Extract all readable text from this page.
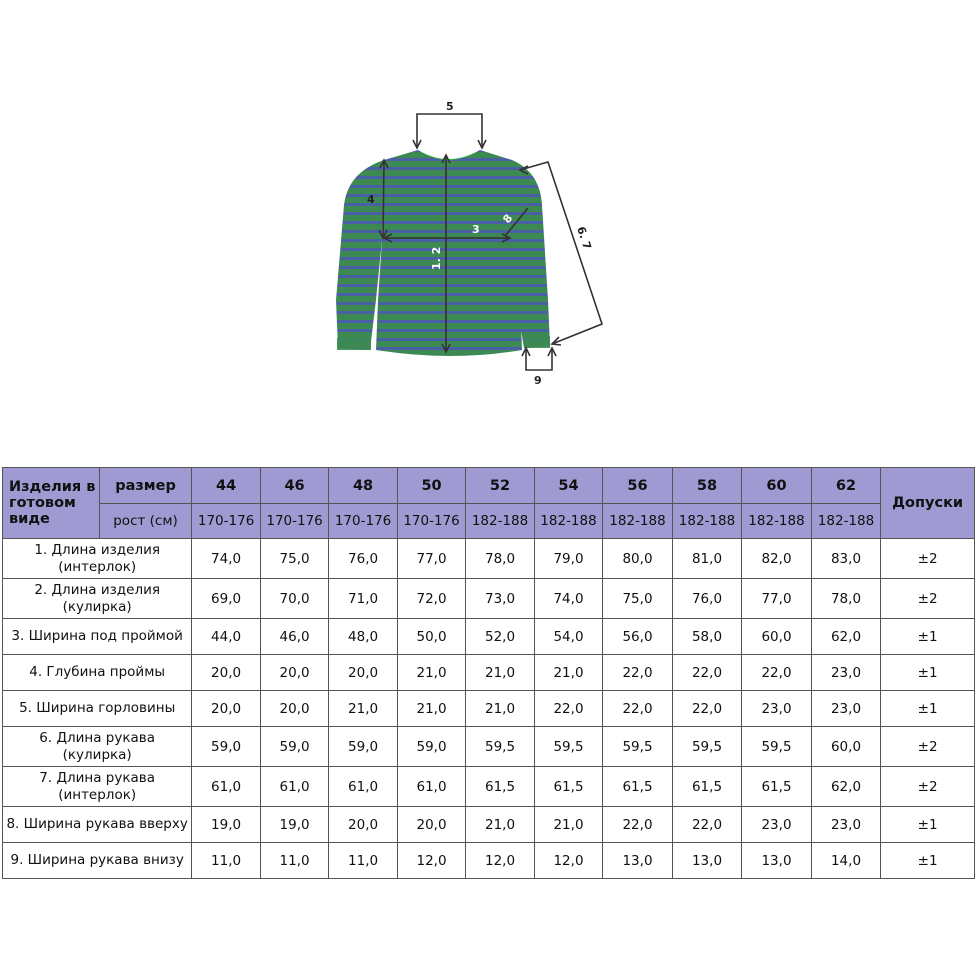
5
4
3
1. 2
8
6. 7
9
Изделия в готовом виде	размер	44	46	48	50	52	54	56	58	60	62	Допуски
	рост (см)	170-176	170-176	170-176	170-176	182-188	182-188	182-188	182-188	182-188	182-188	
1. Длина изделия (интерлок)		74,0	75,0	76,0	77,0	78,0	79,0	80,0	81,0	82,0	83,0	±2
2. Длина изделия (кулирка)		69,0	70,0	71,0	72,0	73,0	74,0	75,0	76,0	77,0	78,0	±2
3. Ширина под проймой		44,0	46,0	48,0	50,0	52,0	54,0	56,0	58,0	60,0	62,0	±1
4. Глубина проймы		20,0	20,0	20,0	21,0	21,0	21,0	22,0	22,0	22,0	23,0	±1
5. Ширина горловины		20,0	20,0	21,0	21,0	21,0	22,0	22,0	22,0	23,0	23,0	±1
6. Длина рукава (кулирка)		59,0	59,0	59,0	59,0	59,5	59,5	59,5	59,5	59,5	60,0	±2
7. Длина рукава (интерлок)		61,0	61,0	61,0	61,0	61,5	61,5	61,5	61,5	61,5	62,0	±2
8. Ширина рукава вверху		19,0	19,0	20,0	20,0	21,0	21,0	22,0	22,0	23,0	23,0	±1
9. Ширина рукава внизу		11,0	11,0	11,0	12,0	12,0	12,0	13,0	13,0	13,0	14,0	±1
